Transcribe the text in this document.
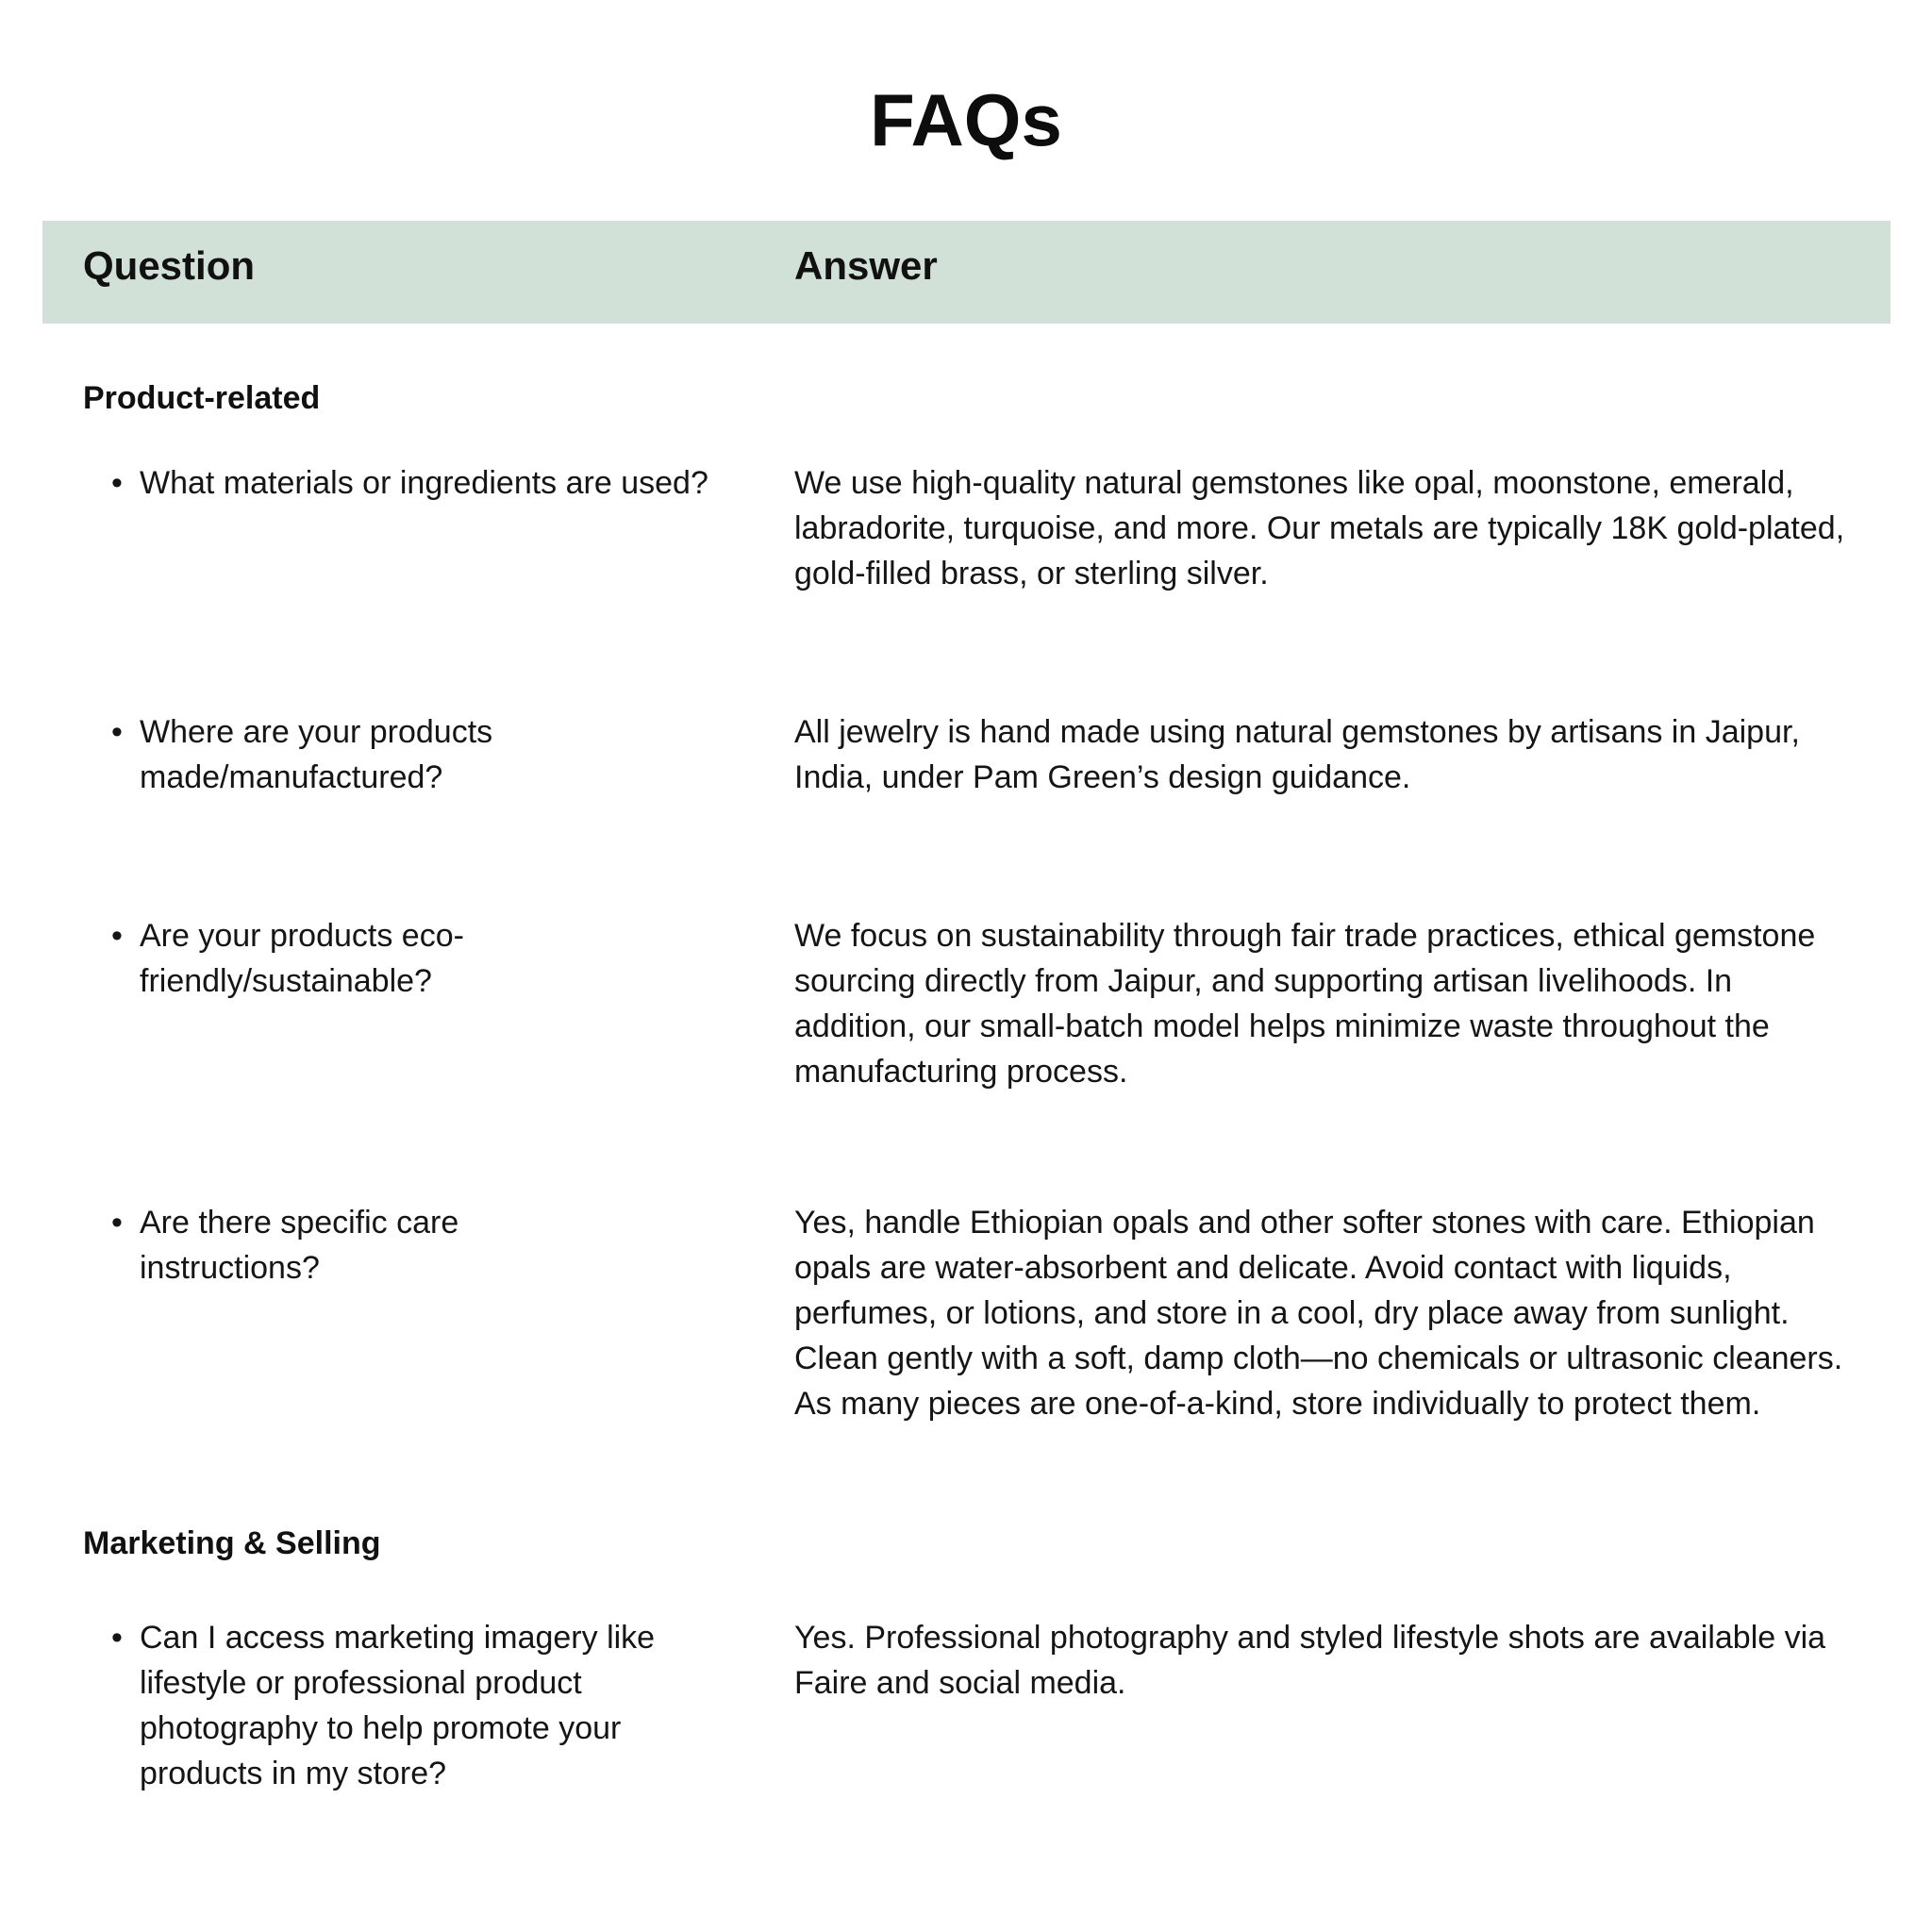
FAQs
Question	Answer
Product-related
• What materials or ingredients are used?	We use high-quality natural gemstones like opal, moonstone, emerald, labradorite, turquoise, and more. Our metals are typically 18K gold-plated, gold-filled brass, or sterling silver.
• Where are your products made/manufactured?
All jewelry is hand made using natural gemstones by artisans in Jaipur, India, under Pam Green’s design guidance.
• Are your products eco-friendly/sustainable?
We focus on sustainability through fair trade practices, ethical gemstone sourcing directly from Jaipur, and supporting artisan livelihoods. In addition, our small-batch model helps minimize waste throughout the manufacturing process.
• Are there specific care instructions?
Yes, handle Ethiopian opals and other softer stones with care. Ethiopian opals are water-absorbent and delicate. Avoid contact with liquids, perfumes, or lotions, and store in a cool, dry place away from sunlight. Clean gently with a soft, damp cloth—no chemicals or ultrasonic cleaners. As many pieces are one-of-a-kind, store individually to protect them.
Marketing & Selling
• Can I access marketing imagery like lifestyle or professional product photography to help promote your products in my store?
Yes. Professional photography and styled lifestyle shots are available via Faire and social media.
